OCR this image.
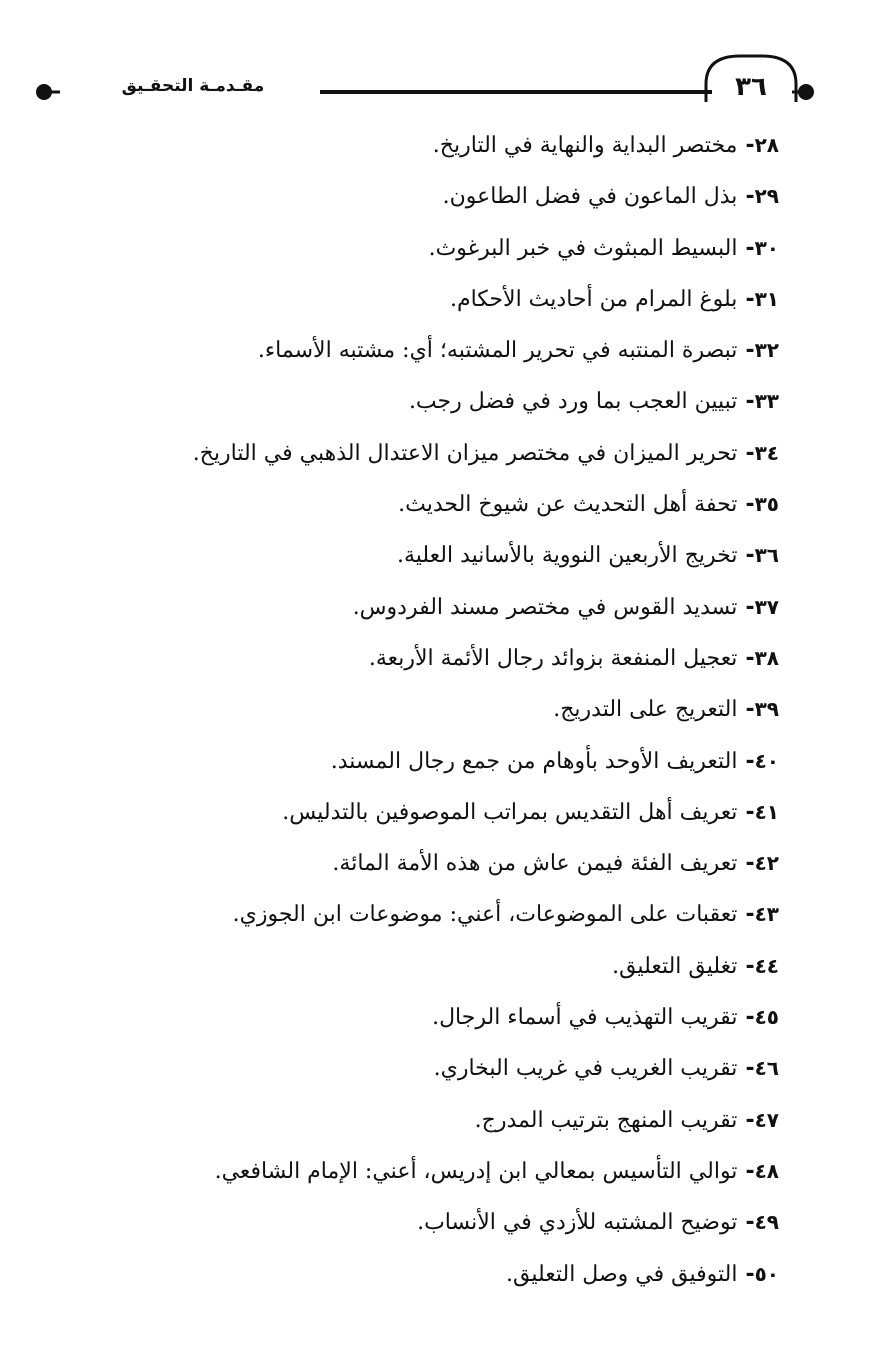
٣٦
مقـدمـة التحقـيق
٢٨-مختصر البداية والنهاية في التاريخ.
٢٩-بذل الماعون في فضل الطاعون.
٣٠-البسيط المبثوث في خبر البرغوث.
٣١-بلوغ المرام من أحاديث الأحكام.
٣٢-تبصرة المنتبه في تحرير المشتبه؛ أي: مشتبه الأسماء.
٣٣-تبيين العجب بما ورد في فضل رجب.
٣٤-تحرير الميزان في مختصر ميزان الاعتدال الذهبي في التاريخ.
٣٥-تحفة أهل التحديث عن شيوخ الحديث.
٣٦-تخريج الأربعين النووية بالأسانيد العلية.
٣٧-تسديد القوس في مختصر مسند الفردوس.
٣٨-تعجيل المنفعة بزوائد رجال الأئمة الأربعة.
٣٩-التعريج على التدريج.
٤٠-التعريف الأوحد بأوهام من جمع رجال المسند.
٤١-تعريف أهل التقديس بمراتب الموصوفين بالتدليس.
٤٢-تعريف الفئة فيمن عاش من هذه الأمة المائة.
٤٣-تعقبات على الموضوعات، أعني: موضوعات ابن الجوزي.
٤٤-تغليق التعليق.
٤٥-تقريب التهذيب في أسماء الرجال.
٤٦-تقريب الغريب في غريب البخاري.
٤٧-تقريب المنهج بترتيب المدرج.
٤٨-توالي التأسيس بمعالي ابن إدريس، أعني: الإمام الشافعي.
٤٩-توضيح المشتبه للأزدي في الأنساب.
٥٠-التوفيق في وصل التعليق.
